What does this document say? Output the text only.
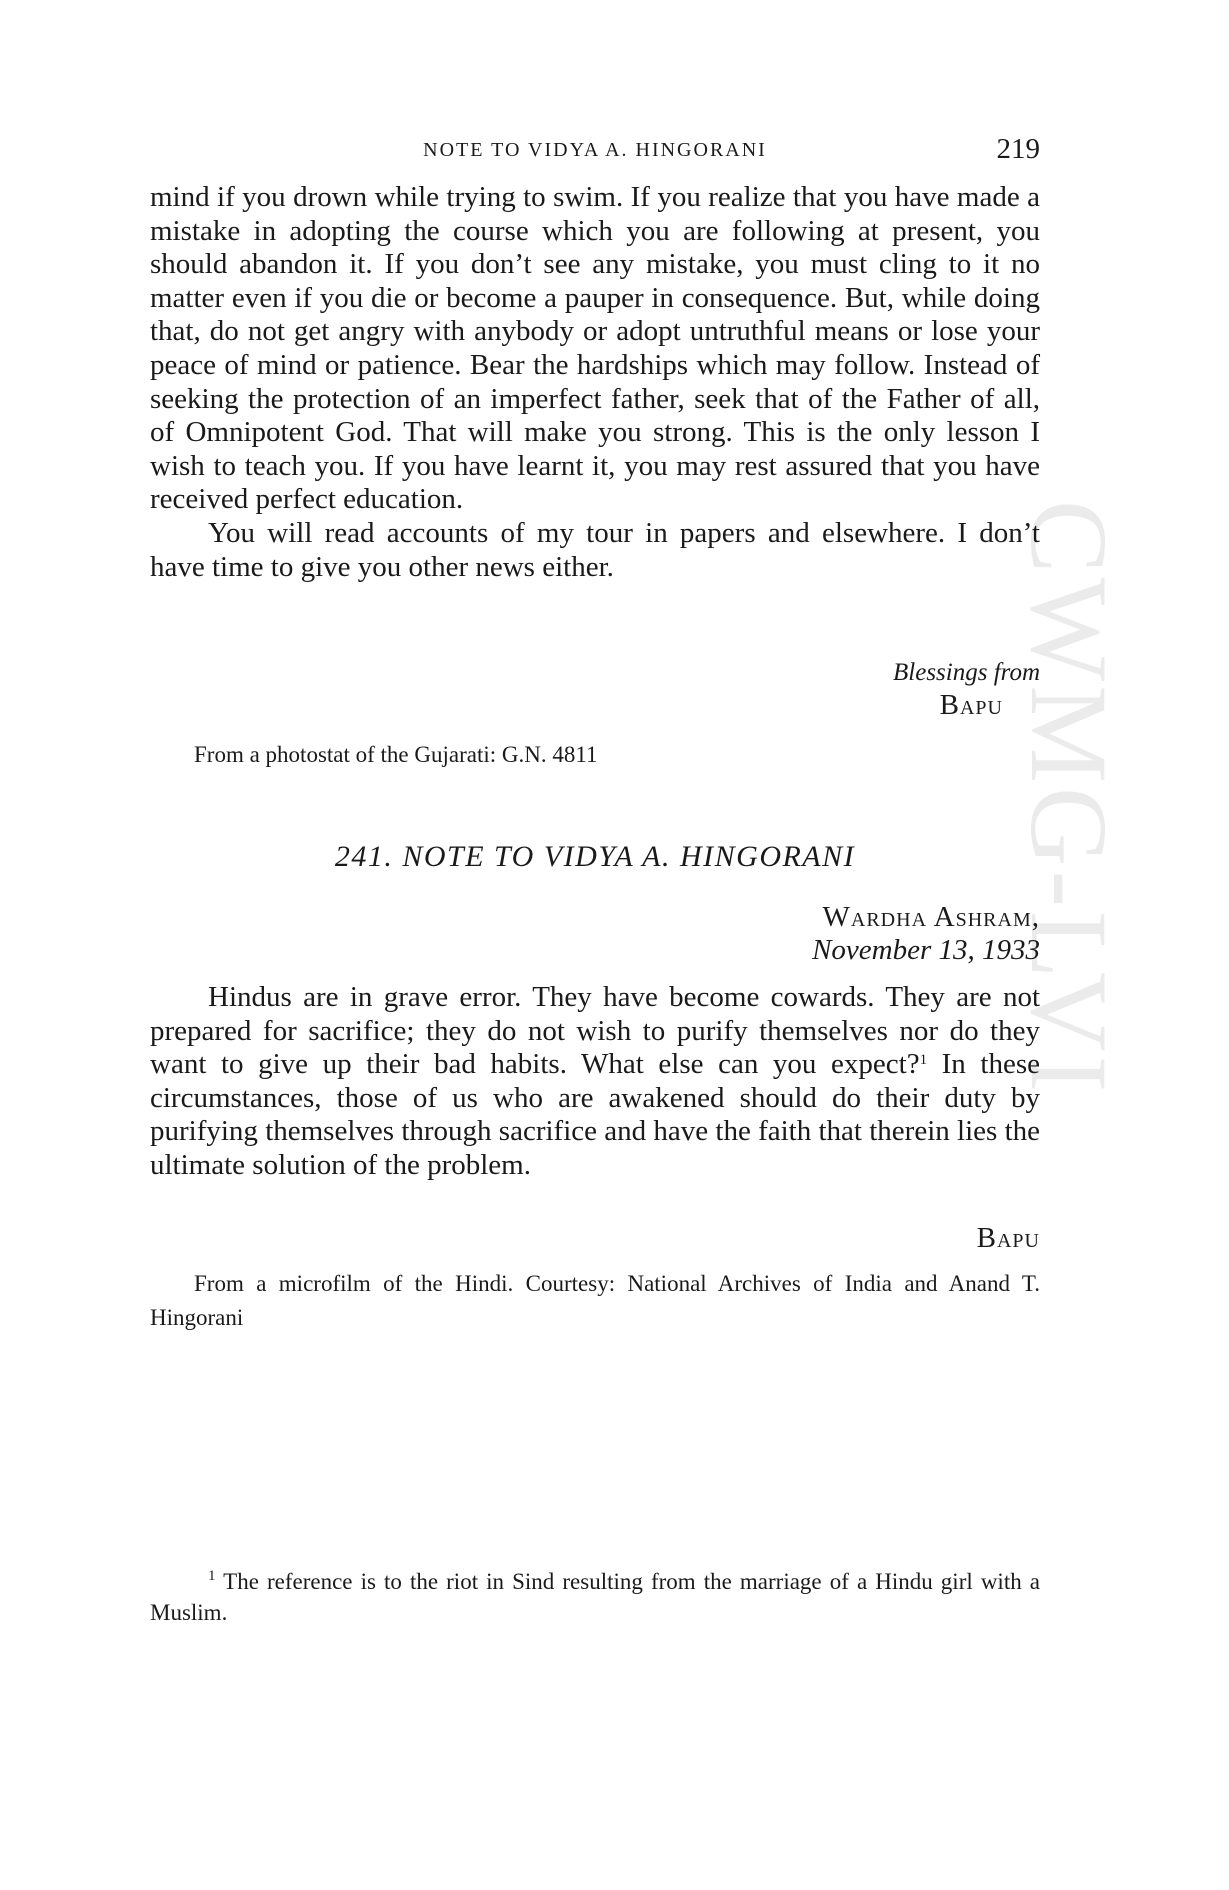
CWMG-LVI
NOTE TO VIDYA A. HINGORANI	219

mind if you drown while trying to swim. If you realize that you have made a mistake in adopting the course which you are following at present, you should abandon it. If you don’t see any mistake, you must cling to it no matter even if you die or become a pauper in consequence. But, while doing that, do not get angry with anybody or adopt untruthful means or lose your peace of mind or patience. Bear the hardships which may follow. Instead of seeking the protection of an imperfect father, seek that of the Father of all, of Omnipotent God. That will make you strong. This is the only lesson I wish to teach you. If you have learnt it, you may rest assured that you have received perfect education.

You will read accounts of my tour in papers and elsewhere. I don’t have time to give you other news either.

Blessings from
Bapu

From a photostat of the Gujarati: G.N. 4811

241. NOTE TO VIDYA A. HINGORANI
Wardha Ashram,
November 13, 1933

Hindus are in grave error. They have become cowards. They are not prepared for sacrifice; they do not wish to purify themselves nor do they want to give up their bad habits. What else can you expect?$^1$ In these circumstances, those of us who are awakened should do their duty by purifying themselves through sacrifice and have the faith that therein lies the ultimate solution of the problem.

Bapu

From a microfilm of the Hindi. Courtesy: National Archives of India and Anand T. Hingorani

$^1$ The reference is to the riot in Sind resulting from the marriage of a Hindu girl with a Muslim.
